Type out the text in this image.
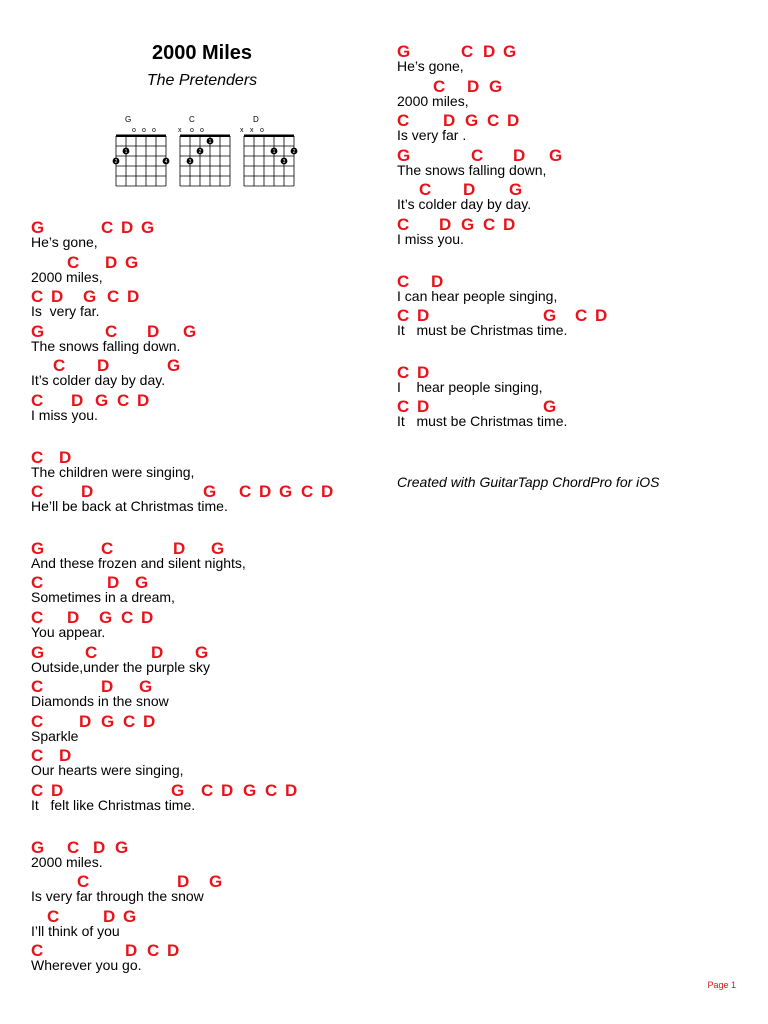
2000 Miles

The Pretenders

G
o o o
1
4
2
C
x o o
1
2
3
D
x x o
1	2
3
G	C D G
He’s gone,
C D G
2000 miles,
C D G C D
Is  very far.
G	C D G
The snows falling down.
C D	G
It’s colder day by day.
C D G C D
I miss you.
C D
The children were singing,
C D	G C D G C D
He’ll be back at Christmas time.
G	C	D G
And these frozen and silent nights,
C	D G
Sometimes in a dream,
C D G C D
You appear.
G C	D G
Outside,under the purple sky
C	D G
Diamonds in the snow
C D G C D
Sparkle
C D
Our hearts were singing,
C D	G C D G C D
It   felt like Christmas time.
G C D G
2000 miles.
C	D G
Is very far through the snow
C	D G
I’ll think of you
C	D C D
Wherever you go.
G	C D G
He’s gone,
C D G
2000 miles,
C D G C D
Is very far .
G	C D G
The snows falling down,
C D G
It’s colder day by day.
C D G C D
I miss you.
C D
I can hear people singing,
C D	G C D
It   must be Christmas time.
C D
I    hear people singing,
C D	G
It   must be Christmas time.

Created with GuitarTapp ChordPro for iOS

Page 1
